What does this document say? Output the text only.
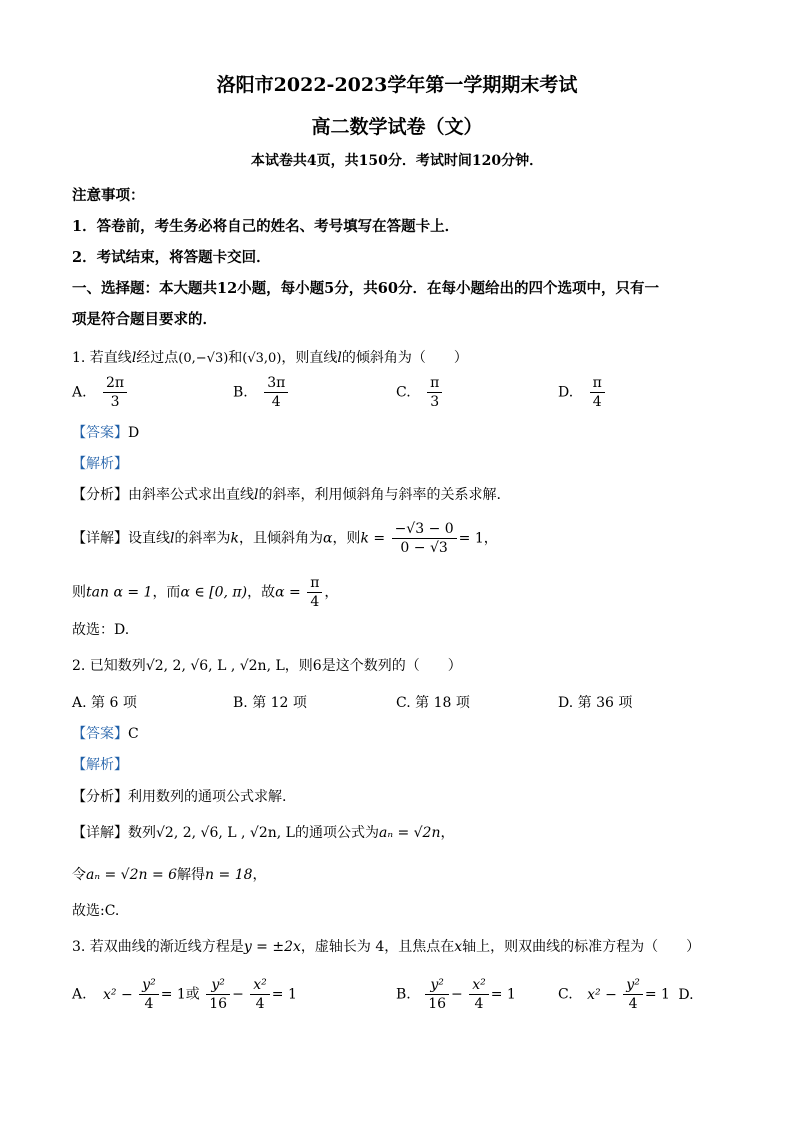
洛阳市2022-2023学年第一学期期末考试
高二数学试卷（文）
本试卷共4页，共150分．考试时间120分钟．
注意事项：
1．答卷前，考生务必将自己的姓名、考号填写在答题卡上．
2．考试结束，将答题卡交回．
一、选择题：本大题共12小题，每小题5分，共60分．在每小题给出的四个选项中，只有一
项是符合题目要求的．
1. 若直线l经过点(0,−√3)和(√3,0)，则直线l的倾斜角为（　　）
A. $\frac{2\pi}{3}$	B. $\frac{3\pi}{4}$	C. $\frac{\pi}{3}$	D. $\frac{\pi}{4}$
【答案】D
【解析】
【分析】由斜率公式求出直线l的斜率，利用倾斜角与斜率的关系求解.
【详解】设直线l的斜率为k，且倾斜角为α，则$k = \frac{-√3 - 0}{0 - √3} = 1$，
则tan α = 1，而α ∈ [0, π)，故$\alpha = \frac{\pi}{4}$ ，
故选：D.
2. 已知数列√2, 2, √6, L , √2n, L，则6是这个数列的（　　）
A. 第 6 项	B. 第 12 项	C. 第 18 项	D. 第 36 项
【答案】C
【解析】
【分析】利用数列的通项公式求解.
【详解】数列√2, 2, √6, L , √2n, L的通项公式为aₙ = √2n，
令aₙ = √2n = 6解得n = 18，
故选:C.
3. 若双曲线的渐近线方程是y = ±2x，虚轴长为 4，且焦点在x轴上，则双曲线的标准方程为（　　）
A. $x^2 - \frac{\text{y²}}{4} = 1$或 $\frac{\text{y²}}{16} - \frac{\text{x²}}{4} = 1$	B. $\frac{\text{y²}}{16} - \frac{\text{x²}}{4} = 1$	C. $x^2 - \frac{\text{y²}}{4} = 1$ D.
